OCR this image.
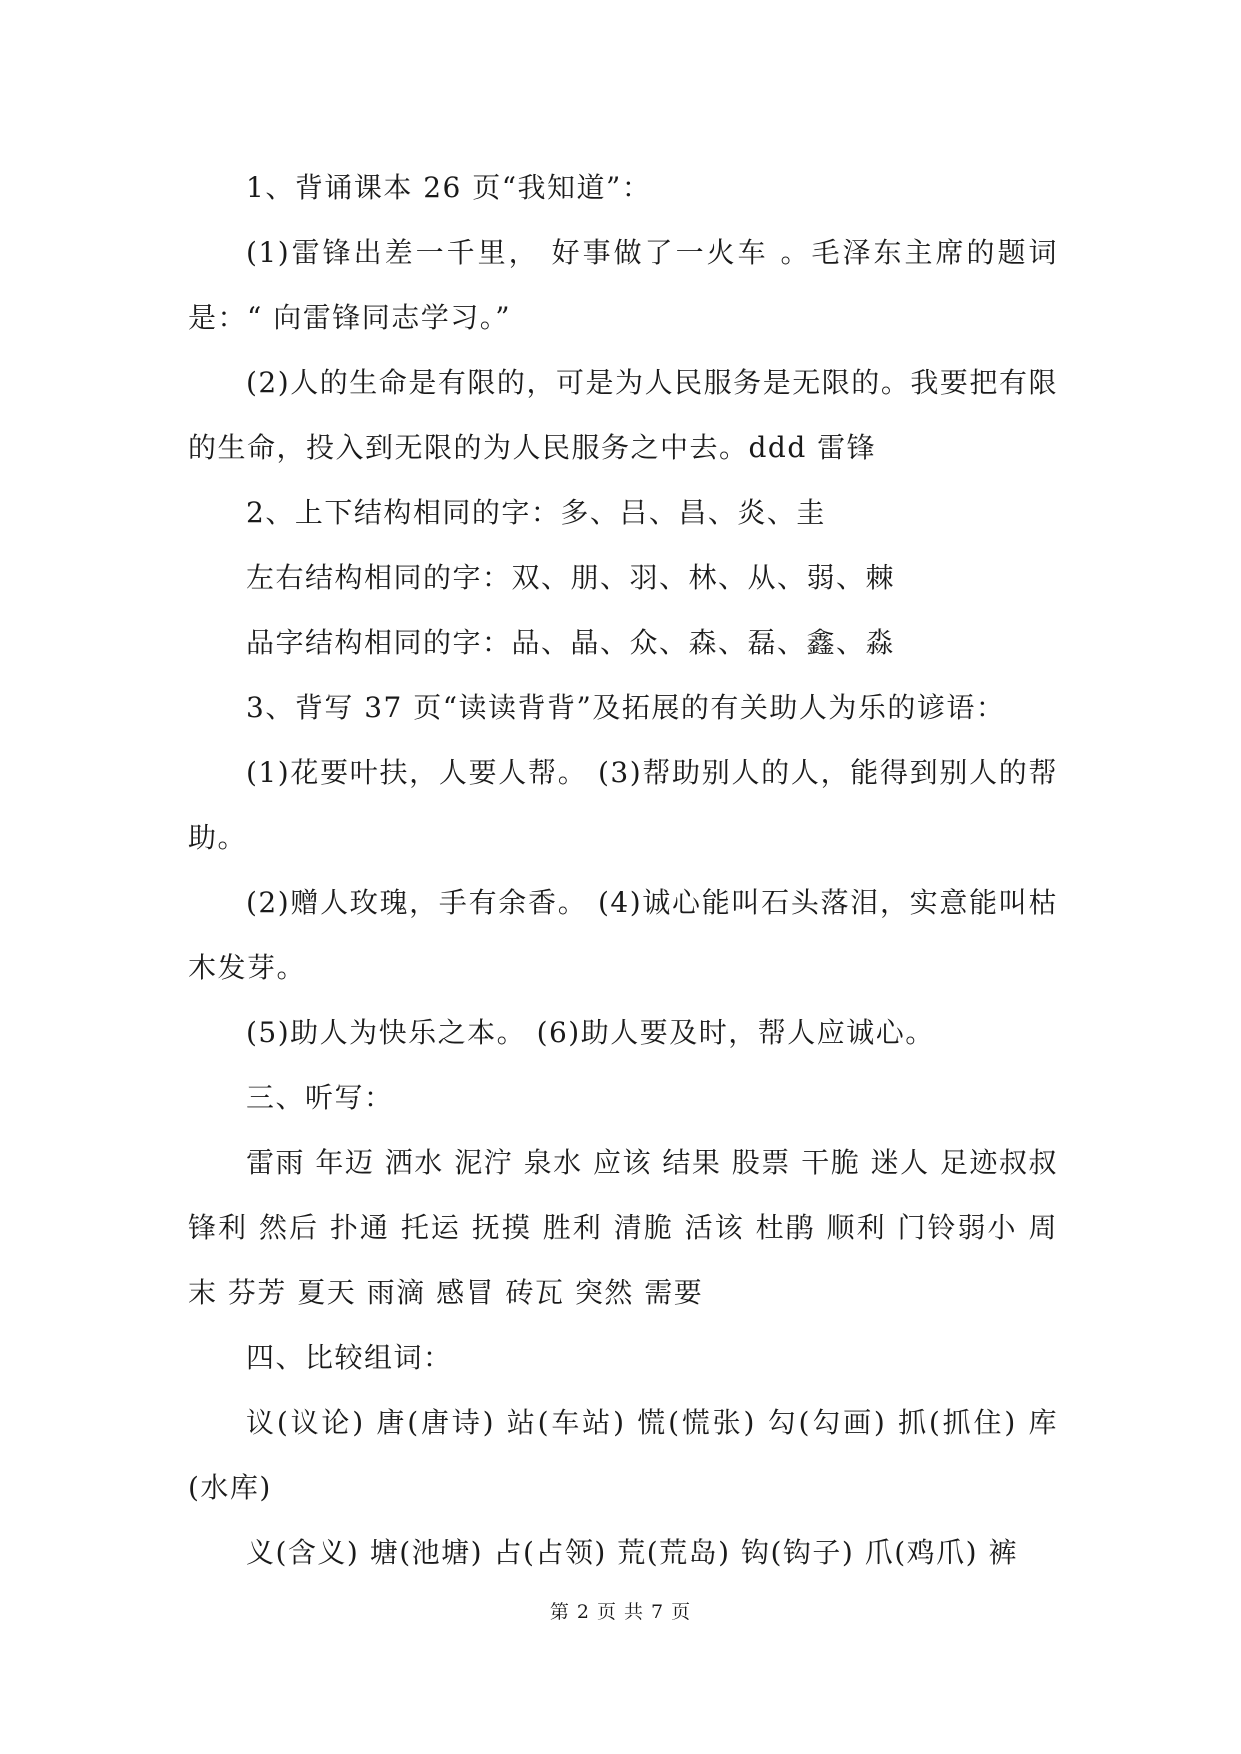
1、背诵课本 26 页“我知道”：

(1)雷锋出差一千里， 好事做了一火车 。毛泽东主席的题词是：“ 向雷锋同志学习。”

(2)人的生命是有限的，可是为人民服务是无限的。我要把有限的生命，投入到无限的为人民服务之中去。ddd 雷锋

2、上下结构相同的字：多、吕、昌、炎、圭

左右结构相同的字：双、朋、羽、林、从、弱、棘

品字结构相同的字：品、晶、众、森、磊、鑫、淼

3、背写 37 页“读读背背”及拓展的有关助人为乐的谚语：

(1)花要叶扶，人要人帮。 (3)帮助别人的人，能得到别人的帮助。

(2)赠人玫瑰，手有余香。 (4)诚心能叫石头落泪，实意能叫枯木发芽。

(5)助人为快乐之本。 (6)助人要及时，帮人应诚心。

三、听写：

雷雨 年迈 洒水 泥泞 泉水 应该 结果 股票 干脆 迷人 足迹叔叔 锋利 然后 扑通 托运 抚摸 胜利 清脆 活该 杜鹃 顺利 门铃弱小 周末 芬芳 夏天 雨滴 感冒 砖瓦 突然 需要

四、比较组词：

议(议论) 唐(唐诗) 站(车站) 慌(慌张) 勾(勾画) 抓(抓住) 库(水库)

义(含义) 塘(池塘) 占(占领) 荒(荒岛) 钩(钩子) 爪(鸡爪) 裤

第 2 页 共 7 页
